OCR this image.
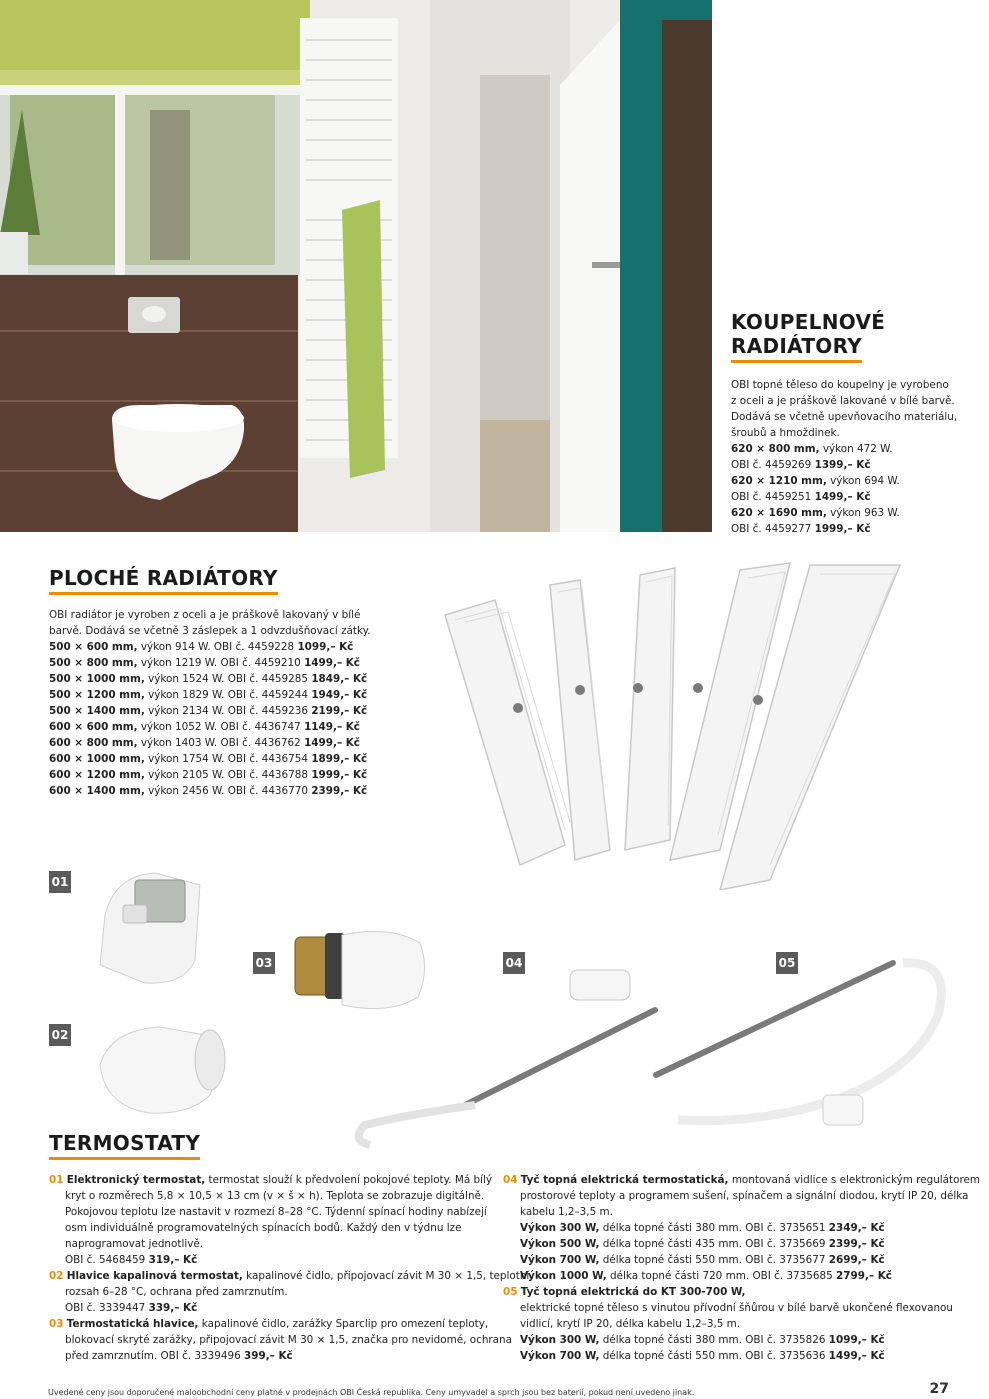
KOUPELNOVÉ
RADIÁTORY
OBI topné těleso do koupelny je vyrobeno
z oceli a je práškově lakované v bílé barvě.
Dodává se včetně upevňovacího materiálu,
šroubů a hmoždinek.
620 × 800 mm, výkon 472 W.
OBI č. 4459269 1399,– Kč
620 × 1210 mm, výkon 694 W.
OBI č. 4459251 1499,– Kč
620 × 1690 mm, výkon 963 W.
OBI č. 4459277 1999,– Kč
PLOCHÉ RADIÁTORY
OBI radiátor je vyroben z oceli a je práškově lakovaný v bílé
barvě. Dodává se včetně 3 záslepek a 1 odvzdušňovací zátky.
500 × 600 mm, výkon 914 W. OBI č. 4459228 1099,– Kč
500 × 800 mm, výkon 1219 W. OBI č. 4459210 1499,– Kč
500 × 1000 mm, výkon 1524 W. OBI č. 4459285 1849,– Kč
500 × 1200 mm, výkon 1829 W. OBI č. 4459244 1949,– Kč
500 × 1400 mm, výkon 2134 W. OBI č. 4459236 2199,– Kč
600 × 600 mm, výkon 1052 W. OBI č. 4436747 1149,– Kč
600 × 800 mm, výkon 1403 W. OBI č. 4436762 1499,– Kč
600 × 1000 mm, výkon 1754 W. OBI č. 4436754 1899,– Kč
600 × 1200 mm, výkon 2105 W. OBI č. 4436788 1999,– Kč
600 × 1400 mm, výkon 2456 W. OBI č. 4436770 2399,– Kč
01
02
03	04	05
TERMOSTATY
01 Elektronický termostat, termostat slouží k předvolení pokojové teploty. Má bílý
kryt o rozměrech 5,8 × 10,5 × 13 cm (v × š × h). Teplota se zobrazuje digitálně.
Pokojovou teplotu lze nastavit v rozmezí 8–28 °C. Týdenní spínací hodiny nabízejí
osm individuálně programovatelných spínacích bodů. Každý den v týdnu lze
naprogramovat jednotlivě.
OBI č. 5468459 319,– Kč
02 Hlavice kapalinová termostat, kapalinové čidlo, připojovací závit M 30 × 1,5, teplotní
rozsah 6–28 °C, ochrana před zamrznutím.
OBI č. 3339447 339,– Kč
03 Termostatická hlavice, kapalinové čidlo, zarážky Sparclip pro omezení teploty,
blokovací skryté zarážky, připojovací závit M 30 × 1,5, značka pro nevidomé, ochrana
před zamrznutím. OBI č. 3339496 399,– Kč
04 Tyč topná elektrická termostatická, montovaná vidlice s elektronickým regulátorem
prostorové teploty a programem sušení, spínačem a signální diodou, krytí IP 20, délka
kabelu 1,2–3,5 m.
Výkon 300 W, délka topné části 380 mm. OBI č. 3735651 2349,– Kč
Výkon 500 W, délka topné části 435 mm. OBI č. 3735669 2399,– Kč
Výkon 700 W, délka topné části 550 mm. OBI č. 3735677 2699,– Kč
Výkon 1000 W, délka topné části 720 mm. OBI č. 3735685 2799,– Kč
05 Tyč topná elektrická do KT 300-700 W,
elektrické topné těleso s vinutou přívodní šňůrou v bílé barvě ukončené flexovanou
vidlicí, krytí IP 20, délka kabelu 1,2–3,5 m.
Výkon 300 W, délka topné části 380 mm. OBI č. 3735826 1099,– Kč
Výkon 700 W, délka topné části 550 mm. OBI č. 3735636 1499,– Kč
Uvedené ceny jsou doporučené maloobchodní ceny platné v prodejnách OBI Česká republika. Ceny umyvadel a sprch jsou bez baterií, pokud není uvedeno jinak.	27
